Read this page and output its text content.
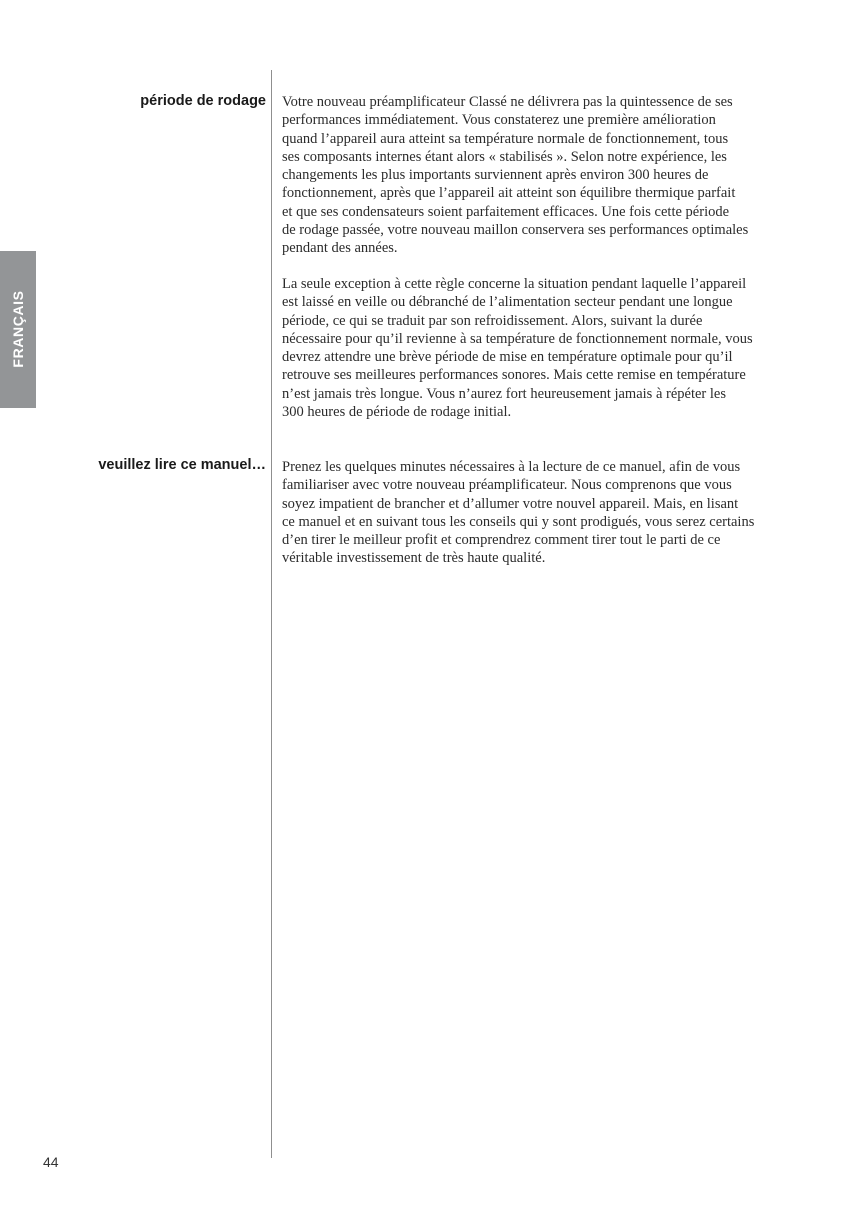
FRANÇAIS
période de rodage Votre nouveau préamplificateur Classé ne délivrera pas la quintessence de ses
performances immédiatement. Vous constaterez une première amélioration
quand l’appareil aura atteint sa température normale de fonctionnement, tous
ses composants internes étant alors « stabilisés ». Selon notre expérience, les
changements les plus importants surviennent après environ 300 heures de
fonctionnement, après que l’appareil ait atteint son équilibre thermique parfait
et que ses condensateurs soient parfaitement efficaces. Une fois cette période
de rodage passée, votre nouveau maillon conservera ses performances optimales
pendant des années.

La seule exception à cette règle concerne la situation pendant laquelle l’appareil
est laissé en veille ou débranché de l’alimentation secteur pendant une longue
période, ce qui se traduit par son refroidissement. Alors, suivant la durée
nécessaire pour qu’il revienne à sa température de fonctionnement normale, vous
devrez attendre une brève période de mise en température optimale pour qu’il
retrouve ses meilleures performances sonores. Mais cette remise en température
n’est jamais très longue. Vous n’aurez fort heureusement jamais à répéter les
300 heures de période de rodage initial.

veuillez lire ce manuel… Prenez les quelques minutes nécessaires à la lecture de ce manuel, afin de vous
familiariser avec votre nouveau préamplificateur. Nous comprenons que vous
soyez impatient de brancher et d’allumer votre nouvel appareil. Mais, en lisant
ce manuel et en suivant tous les conseils qui y sont prodigués, vous serez certains
d’en tirer le meilleur profit et comprendrez comment tirer tout le parti de ce
véritable investissement de très haute qualité.

44
